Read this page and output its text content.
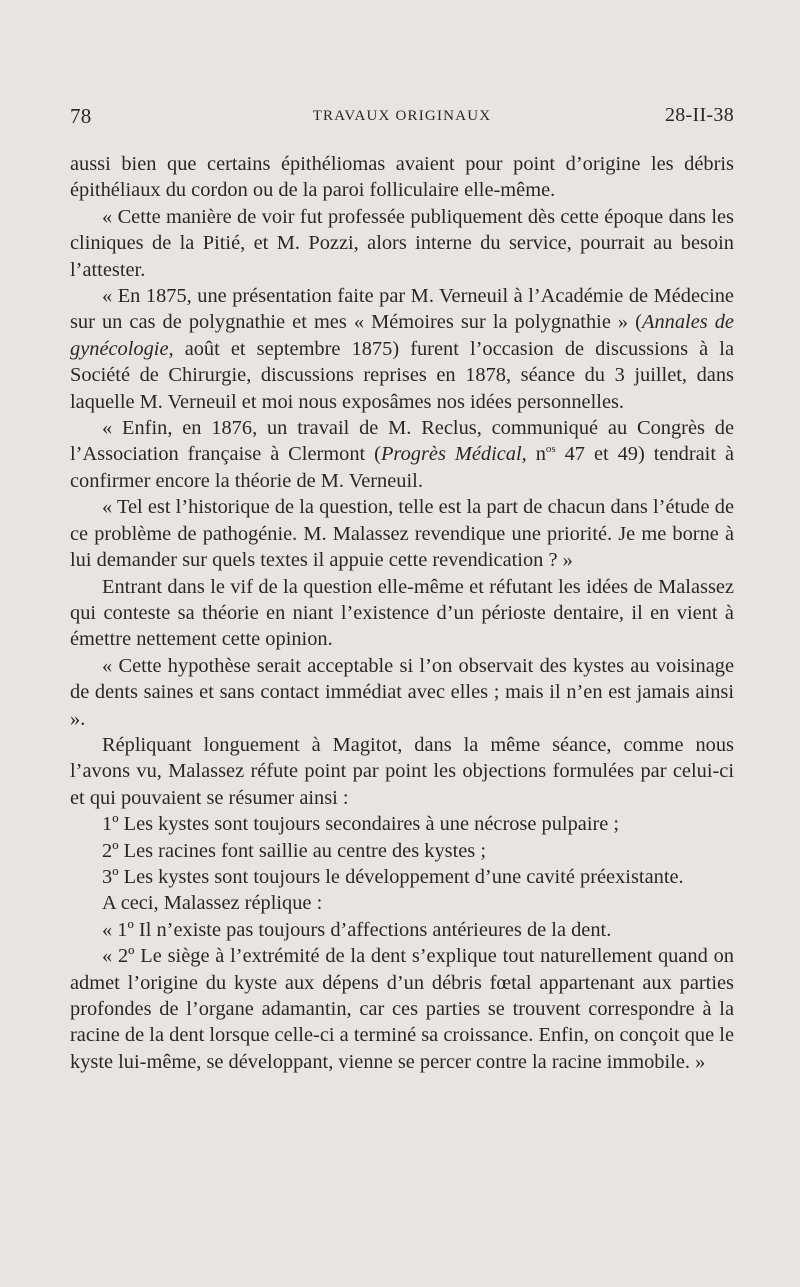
78	TRAVAUX ORIGINAUX	28-II-38

aussi bien que certains épithéliomas avaient pour point d’origine les débris épithéliaux du cordon ou de la paroi folliculaire elle-même.

« Cette manière de voir fut professée publiquement dès cette époque dans les cliniques de la Pitié, et M. Pozzi, alors interne du service, pourrait au besoin l’attester.

« En 1875, une présentation faite par M. Verneuil à l’Académie de Médecine sur un cas de polygnathie et mes « Mémoires sur la polygnathie » (Annales de gynécologie, août et septembre 1875) furent l’occasion de discussions à la Société de Chirurgie, discussions reprises en 1878, séance du 3 juillet, dans laquelle M. Verneuil et moi nous exposâmes nos idées personnelles.

« Enfin, en 1876, un travail de M. Reclus, communiqué au Congrès de l’Association française à Clermont (Progrès Médical, $n^{os}$ 47 et 49) tendrait à confirmer encore la théorie de M. Verneuil.

« Tel est l’historique de la question, telle est la part de chacun dans l’étude de ce problème de pathogénie. M. Malassez revendique une priorité. Je me borne à lui demander sur quels textes il appuie cette revendication ? »

Entrant dans le vif de la question elle-même et réfutant les idées de Malassez qui conteste sa théorie en niant l’existence d’un périoste dentaire, il en vient à émettre nettement cette opinion.

« Cette hypothèse serait acceptable si l’on observait des kystes au voisinage de dents saines et sans contact immédiat avec elles ; mais il n’en est jamais ainsi ».

Répliquant longuement à Magitot, dans la même séance, comme nous l’avons vu, Malassez réfute point par point les objections formulées par celui-ci et qui pouvaient se résumer ainsi :

1º Les kystes sont toujours secondaires à une nécrose pulpaire ;

2º Les racines font saillie au centre des kystes ;

3º Les kystes sont toujours le développement d’une cavité préexistante.

A ceci, Malassez réplique :

« 1º Il n’existe pas toujours d’affections antérieures de la dent.

« 2º Le siège à l’extrémité de la dent s’explique tout naturellement quand on admet l’origine du kyste aux dépens d’un débris fœtal appartenant aux parties profondes de l’organe adamantin, car ces parties se trouvent correspondre à la racine de la dent lorsque celle-ci a terminé sa croissance. Enfin, on conçoit que le kyste lui-même, se développant, vienne se percer contre la racine immobile. »
